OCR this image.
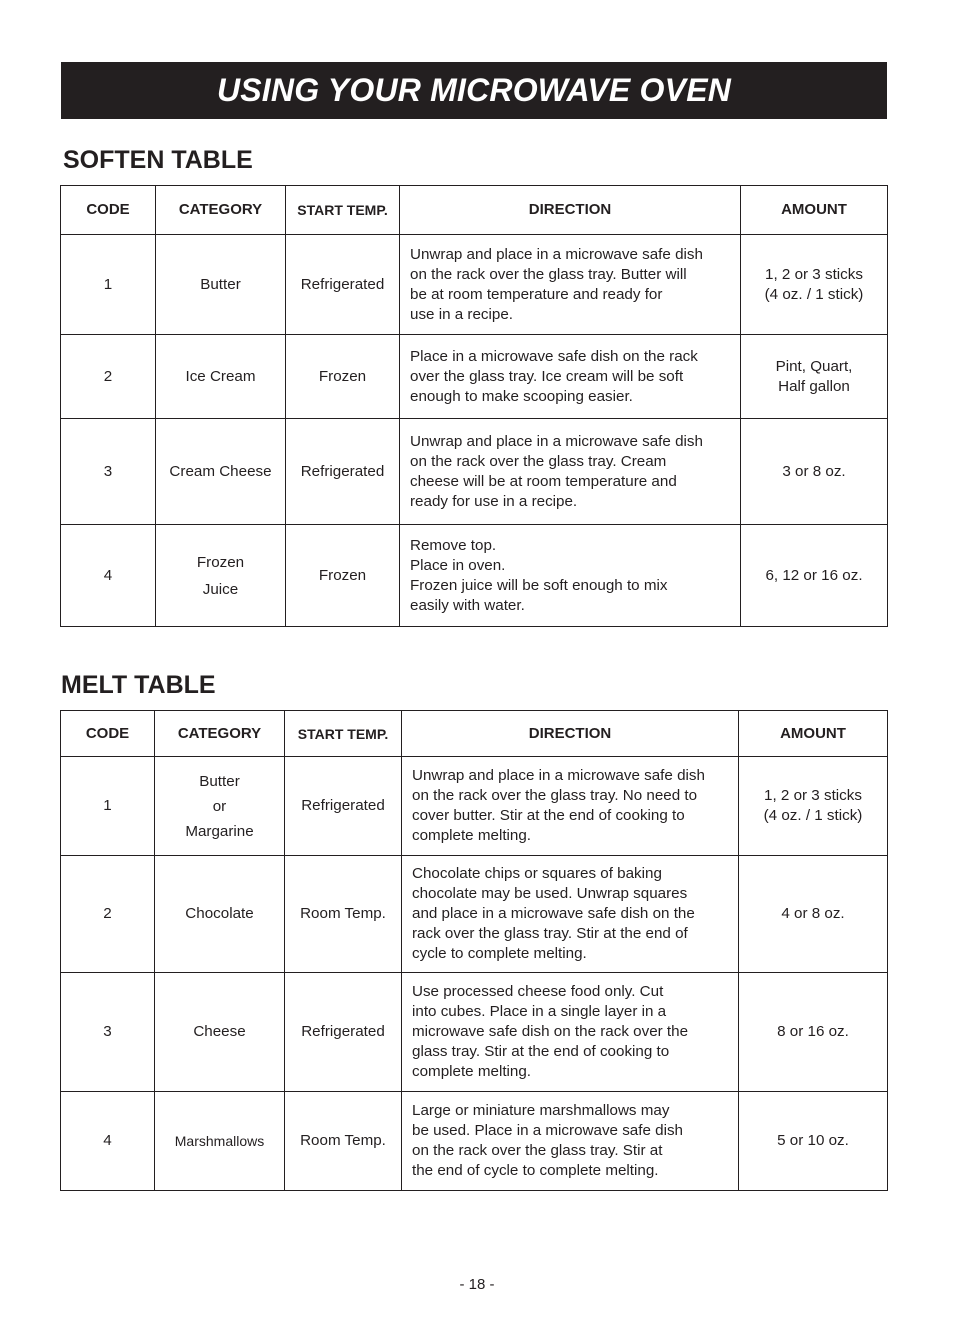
USING YOUR MICROWAVE OVEN
SOFTEN TABLE
CODE	CATEGORY	START TEMP.	DIRECTION	AMOUNT
1	Butter	Refrigerated	Unwrap and place in a microwave safe dish
on the rack over the glass tray. Butter will
be at room temperature and ready for
use in a recipe.	1, 2 or 3 sticks
(4 oz. / 1 stick)

2	Ice Cream	Frozen	Place in a microwave safe dish on the rack
over the glass tray. Ice cream will be soft
enough to make scooping easier.	Pint, Quart,
Half gallon

3	Cream Cheese	Refrigerated	Unwrap and place in a microwave safe dish
on the rack over the glass tray. Cream
cheese will be at room temperature and
ready for use in a recipe.	3 or 8 oz.

4	Frozen
Juice	Frozen	Remove top.
Place in oven.
Frozen juice will be soft enough to mix
easily with water.	6, 12 or 16 oz.
MELT TABLE
CODE	CATEGORY	START TEMP.	DIRECTION	AMOUNT
1	Butter
or
Margarine	Refrigerated	Unwrap and place in a microwave safe dish
on the rack over the glass tray. No need to
cover butter. Stir at the end of cooking to
complete melting.	1, 2 or 3 sticks
(4 oz. / 1 stick)

2	Chocolate	Room Temp.	Chocolate chips or squares of baking
chocolate may be used. Unwrap squares
and place in a microwave safe dish on the
rack over the glass tray. Stir at the end of
cycle to complete melting.	4 or 8 oz.

3	Cheese	Refrigerated	Use processed cheese food only. Cut
into cubes. Place in a single layer in a
microwave safe dish on the rack over the
glass tray. Stir at the end of cooking to
complete melting.	8 or 16 oz.

4	Marshmallows	Room Temp.	Large or miniature marshmallows may
be used. Place in a microwave safe dish
on the rack over the glass tray. Stir at
the end of cycle to complete melting.	5 or 10 oz.
- 18 -
